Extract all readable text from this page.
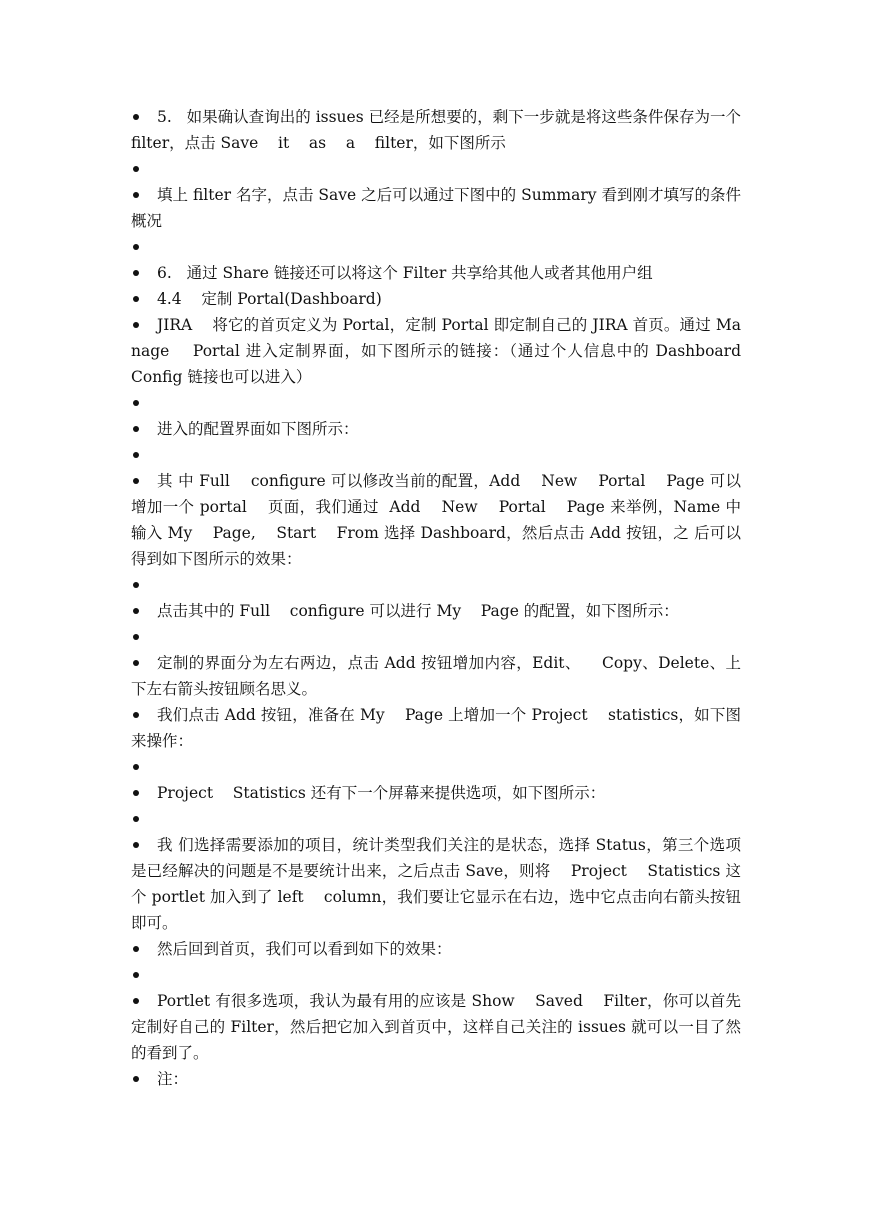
5.   如果确认查询出的 issues 已经是所想要的，剩下一步就是将这些条件保存为一个 filter，点击 Save    it    as    a    filter，如下图所示
填上 filter 名字，点击 Save 之后可以通过下图中的 Summary 看到刚才填写的条件概况
6.   通过 Share 链接还可以将这个 Filter 共享给其他人或者其他用户组
4.4    定制 Portal(Dashboard)
JIRA    将它的首页定义为 Portal，定制 Portal 即定制自己的 JIRA 首页。通过 Manage    Portal 进入定制界面，如下图所示的链接：（通过个人信息中的 Dashboard        Config 链接也可以进入）
进入的配置界面如下图所示：
其 中 Full    configure 可以修改当前的配置，Add    New    Portal    Page 可以增加一个 portal    页面，我们通过  Add    New    Portal    Page 来举例，Name 中输入 My    Page,    Start    From 选择 Dashboard，然后点击 Add 按钮，之 后可以得到如下图所示的效果：
点击其中的 Full    configure 可以进行 My    Page 的配置，如下图所示：
定制的界面分为左右两边，点击 Add 按钮增加内容，Edit、    Copy、Delete、上下左右箭头按钮顾名思义。
我们点击 Add 按钮，准备在 My    Page 上增加一个 Project    statistics，如下图来操作：
Project    Statistics 还有下一个屏幕来提供选项，如下图所示：
我 们选择需要添加的项目，统计类型我们关注的是状态，选择 Status，第三个选项是已经解决的问题是不是要统计出来，之后点击 Save，则将    Project    Statistics 这个 portlet 加入到了 left    column，我们要让它显示在右边，选中它点击向右箭头按钮即可。
然后回到首页，我们可以看到如下的效果：
Portlet 有很多选项，我认为最有用的应该是 Show    Saved    Filter，你可以首先定制好自己的 Filter，然后把它加入到首页中，这样自己关注的 issues 就可以一目了然的看到了。
注：
